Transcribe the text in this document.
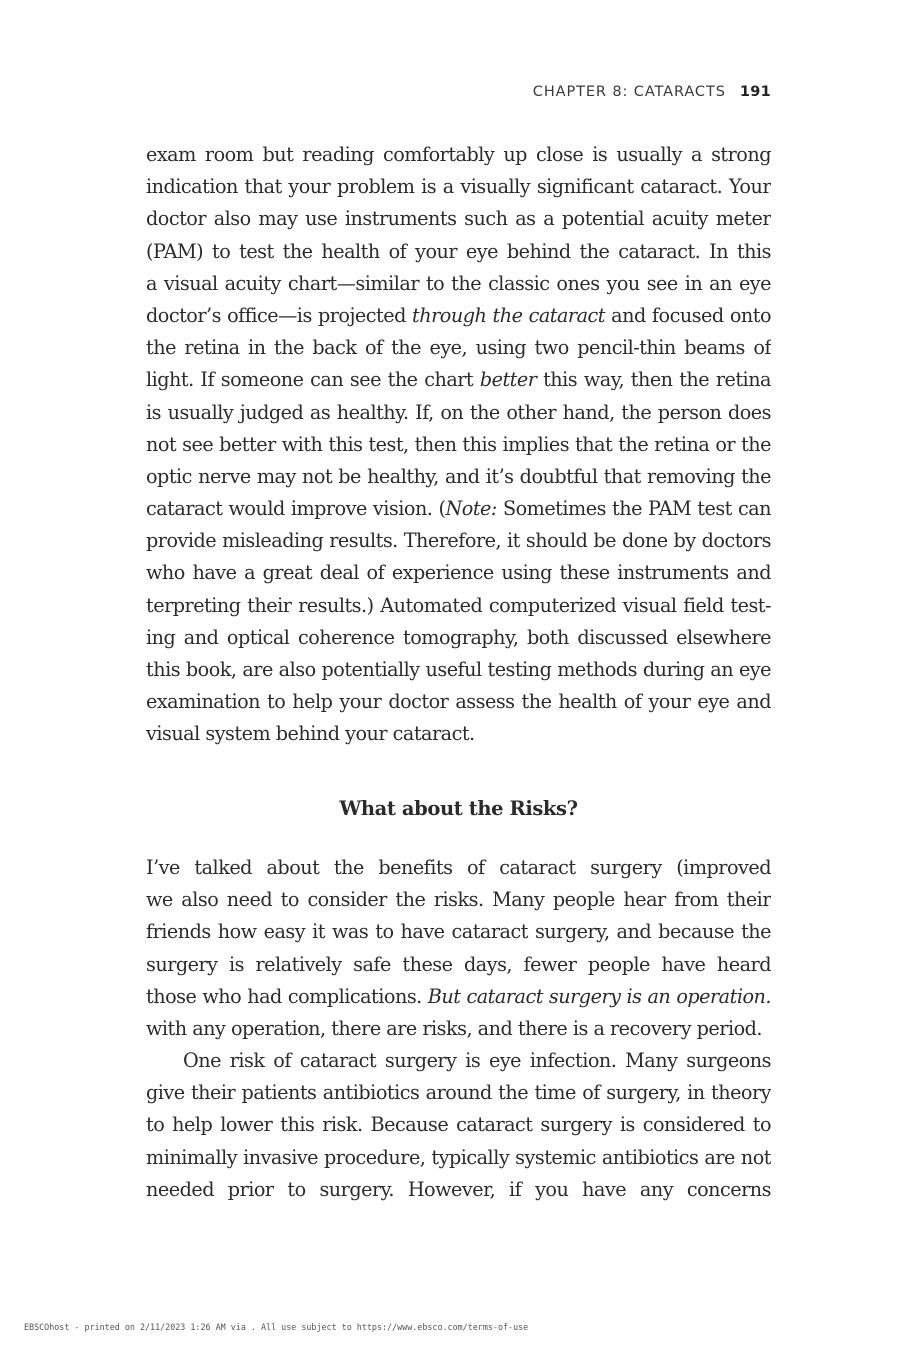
CHAPTER 8: CATARACTS 191
exam room but reading comfortably up close is usually a strong
indication that your problem is a visually significant cataract. Your
doctor also may use instruments such as a potential acuity meter
(PAM) to test the health of your eye behind the cataract. In this
a visual acuity chart—similar to the classic ones you see in an eye
doctor’s office—is projected through the cataract and focused onto
the retina in the back of the eye, using two pencil-thin beams of
light. If someone can see the chart better this way, then the retina
is usually judged as healthy. If, on the other hand, the person does
not see better with this test, then this implies that the retina or the
optic nerve may not be healthy, and it’s doubtful that removing the
cataract would improve vision. (Note: Sometimes the PAM test can
provide misleading results. Therefore, it should be done by doctors
who have a great deal of experience using these instruments and
terpreting their results.) Automated computerized visual field test-
ing and optical coherence tomography, both discussed elsewhere
this book, are also potentially useful testing methods during an eye
examination to help your doctor assess the health of your eye and
visual system behind your cataract.
What about the Risks?
I’ve talked about the benefits of cataract surgery (improved
we also need to consider the risks. Many people hear from their
friends how easy it was to have cataract surgery, and because the
surgery is relatively safe these days, fewer people have heard
those who had complications. But cataract surgery is an operation.
with any operation, there are risks, and there is a recovery period.
One risk of cataract surgery is eye infection. Many surgeons
give their patients antibiotics around the time of surgery, in theory
to help lower this risk. Because cataract surgery is considered to
minimally invasive procedure, typically systemic antibiotics are not
needed prior to surgery. However, if you have any concerns
EBSCOhost - printed on 2/11/2023 1:26 AM via . All use subject to https://www.ebsco.com/terms-of-use
